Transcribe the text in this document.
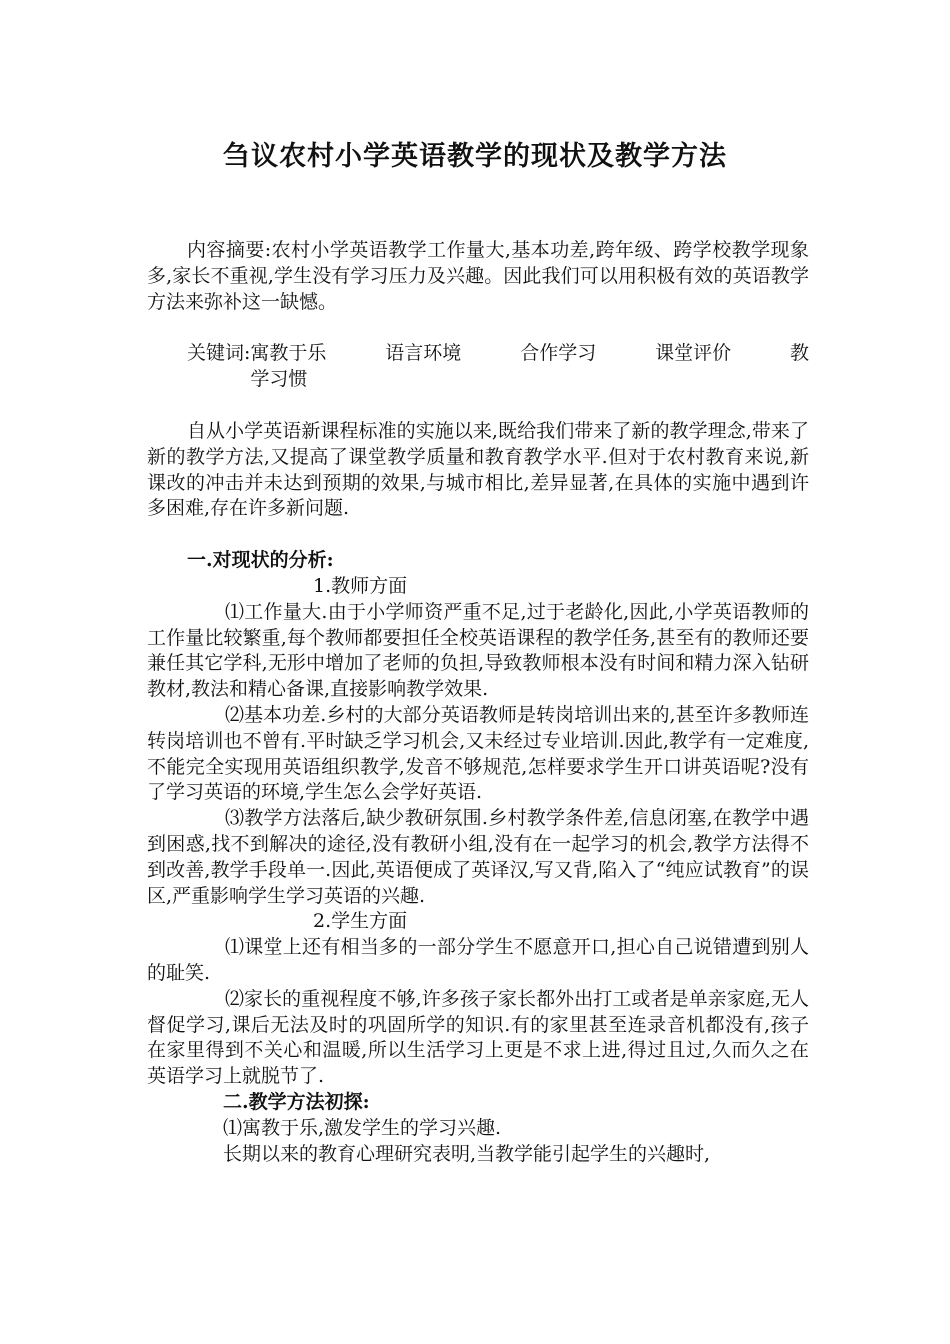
刍议农村小学英语教学的现状及教学方法

内容摘要:农村小学英语教学工作量大,基本功差,跨年级、跨学校教学现象多,家长不重视,学生没有学习压力及兴趣。因此我们可以用积极有效的英语教学方法来弥补这一缺憾。

关键词: 寓教于乐	语言环境	合作学习	课堂评价	教
学习惯

自从小学英语新课程标准的实施以来,既给我们带来了新的教学理念,带来了新的教学方法,又提高了课堂教学质量和教育教学水平.但对于农村教育来说,新课改的冲击并未达到预期的效果,与城市相比,差异显著,在具体的实施中遇到许多困难,存在许多新问题.

一.对现状的分析:

1.教师方面

⑴工作量大.由于小学师资严重不足,过于老龄化,因此,小学英语教师的工作量比较繁重,每个教师都要担任全校英语课程的教学任务,甚至有的教师还要兼任其它学科,无形中增加了老师的负担,导致教师根本没有时间和精力深入钻研教材,教法和精心备课,直接影响教学效果.

⑵基本功差.乡村的大部分英语教师是转岗培训出来的,甚至许多教师连转岗培训也不曾有.平时缺乏学习机会,又未经过专业培训.因此,教学有一定难度,不能完全实现用英语组织教学,发音不够规范,怎样要求学生开口讲英语呢?没有了学习英语的环境,学生怎么会学好英语.

⑶教学方法落后,缺少教研氛围.乡村教学条件差,信息闭塞,在教学中遇到困惑,找不到解决的途径,没有教研小组,没有在一起学习的机会,教学方法得不到改善,教学手段单一.因此,英语便成了英译汉,写又背,陷入了“纯应试教育”的误区,严重影响学生学习英语的兴趣.

2.学生方面

⑴课堂上还有相当多的一部分学生不愿意开口,担心自己说错遭到别人的耻笑.

⑵家长的重视程度不够,许多孩子家长都外出打工或者是单亲家庭,无人督促学习,课后无法及时的巩固所学的知识.有的家里甚至连录音机都没有,孩子在家里得到不关心和温暖,所以生活学习上更是不求上进,得过且过,久而久之在英语学习上就脱节了.

二.教学方法初探:

⑴寓教于乐,激发学生的学习兴趣.

长期以来的教育心理研究表明,当教学能引起学生的兴趣时,
